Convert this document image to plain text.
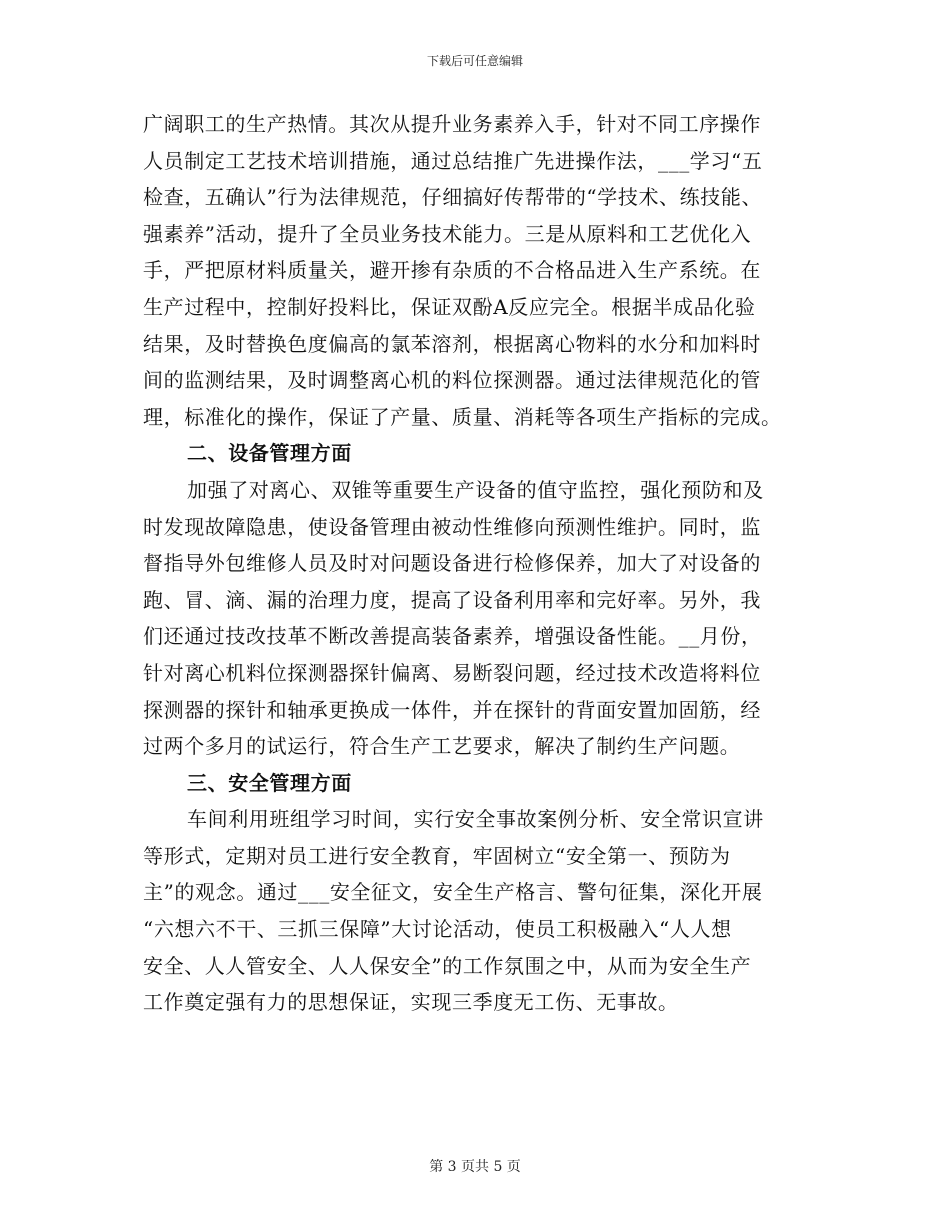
下载后可任意编辑
广阔职工的生产热情。其次从提升业务素养入手，针对不同工序操作
人员制定工艺技术培训措施，通过总结推广先进操作法，___学习“五
检查，五确认”行为法律规范，仔细搞好传帮带的“学技术、练技能、
强素养”活动，提升了全员业务技术能力。三是从原料和工艺优化入
手，严把原材料质量关，避开掺有杂质的不合格品进入生产系统。在
生产过程中，控制好投料比，保证双酚A反应完全。根据半成品化验
结果，及时替换色度偏高的氯苯溶剂，根据离心物料的水分和加料时
间的监测结果，及时调整离心机的料位探测器。通过法律规范化的管
理，标准化的操作，保证了产量、质量、消耗等各项生产指标的完成。
二、设备管理方面
加强了对离心、双锥等重要生产设备的值守监控，强化预防和及
时发现故障隐患，使设备管理由被动性维修向预测性维护。同时，监
督指导外包维修人员及时对问题设备进行检修保养，加大了对设备的
跑、冒、滴、漏的治理力度，提高了设备利用率和完好率。另外，我
们还通过技改技革不断改善提高装备素养，增强设备性能。__月份，
针对离心机料位探测器探针偏离、易断裂问题，经过技术改造将料位
探测器的探针和轴承更换成一体件，并在探针的背面安置加固筋，经
过两个多月的试运行，符合生产工艺要求，解决了制约生产问题。
三、安全管理方面
车间利用班组学习时间，实行安全事故案例分析、安全常识宣讲
等形式，定期对员工进行安全教育，牢固树立“安全第一、预防为
主”的观念。通过___安全征文，安全生产格言、警句征集，深化开展
“六想六不干、三抓三保障”大讨论活动，使员工积极融入“人人想
安全、人人管安全、人人保安全”的工作氛围之中，从而为安全生产
工作奠定强有力的思想保证，实现三季度无工伤、无事故。
第 3 页共 5 页
